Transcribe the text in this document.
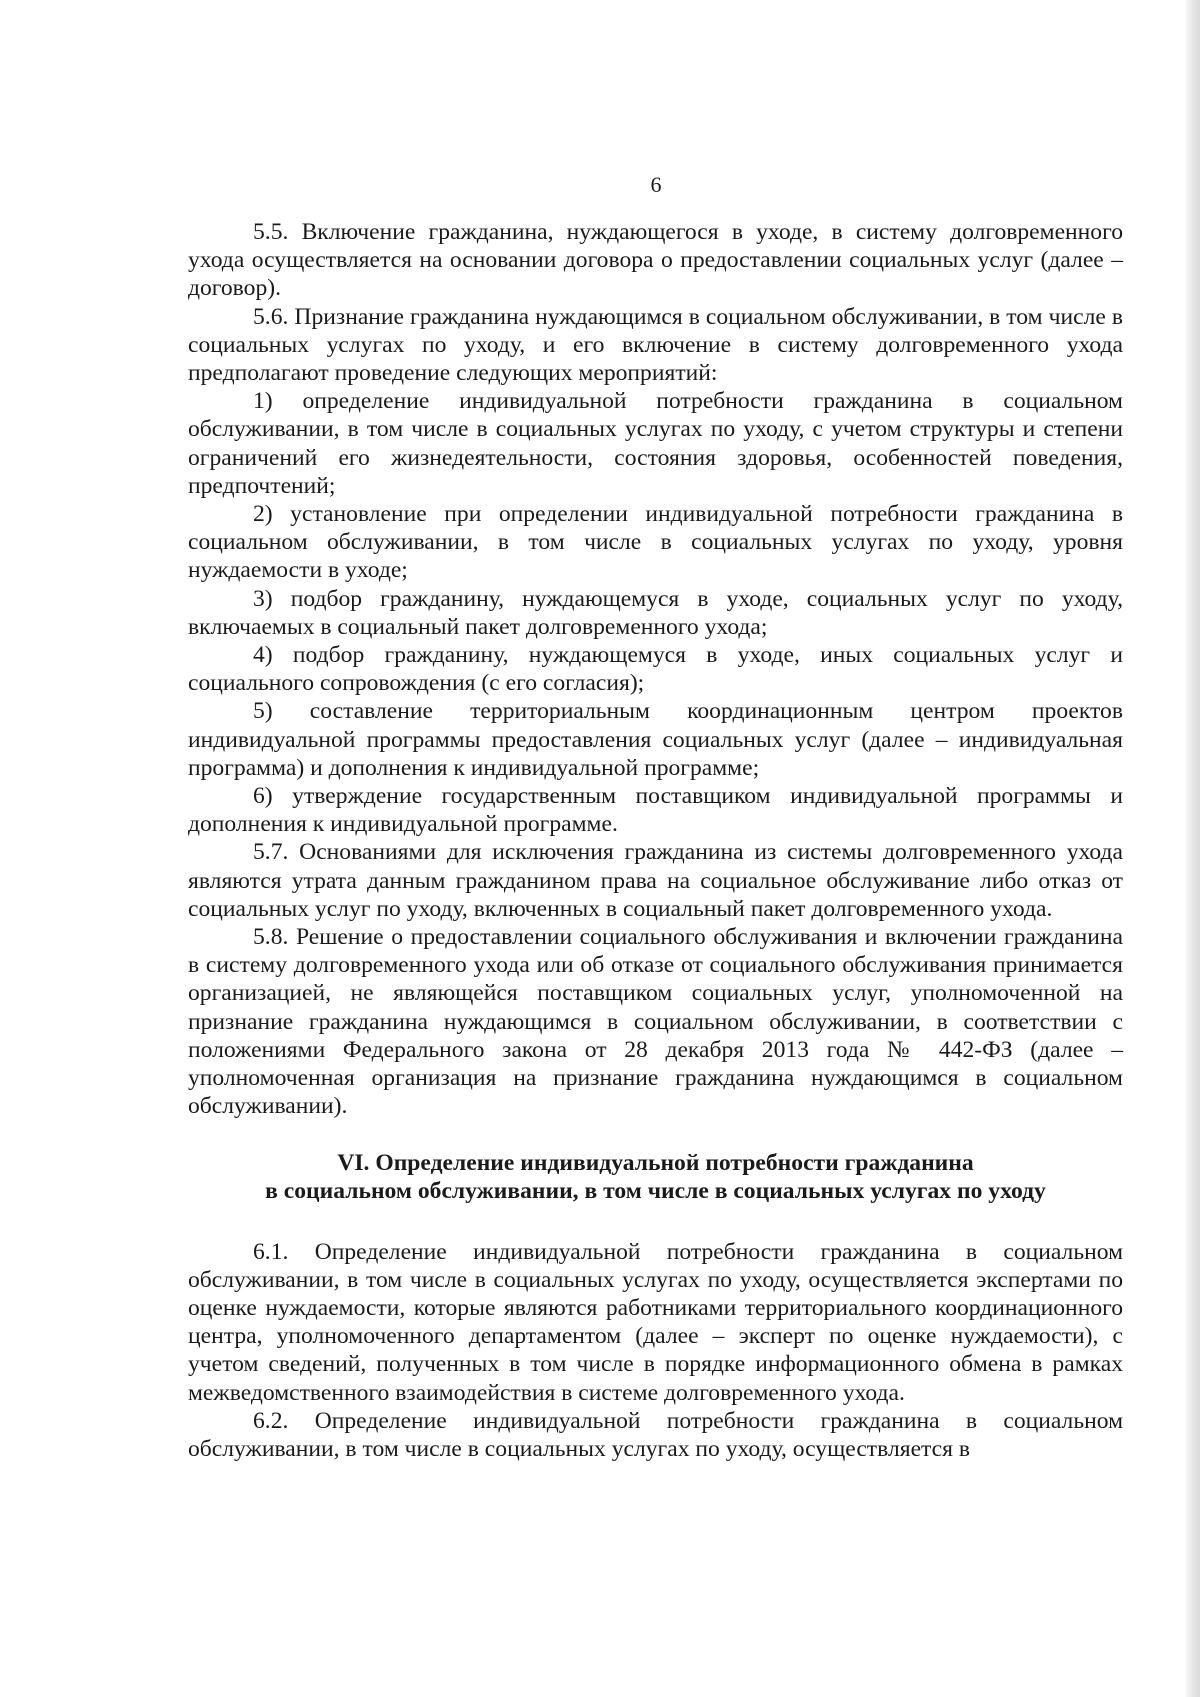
6

5.5. Включение гражданина, нуждающегося в уходе, в систему долговременного ухода осуществляется на основании договора о предоставлении социальных услуг (далее – договор).

5.6. Признание гражданина нуждающимся в социальном обслуживании, в том числе в социальных услугах по уходу, и его включение в систему долговременного ухода предполагают проведение следующих мероприятий:

1) определение индивидуальной потребности гражданина в социальном обслуживании, в том числе в социальных услугах по уходу, с учетом структуры и степени ограничений его жизнедеятельности, состояния здоровья, особенностей поведения, предпочтений;

2) установление при определении индивидуальной потребности гражданина в социальном обслуживании, в том числе в социальных услугах по уходу, уровня нуждаемости в уходе;

3) подбор гражданину, нуждающемуся в уходе, социальных услуг по уходу, включаемых в социальный пакет долговременного ухода;

4) подбор гражданину, нуждающемуся в уходе, иных социальных услуг и социального сопровождения (с его согласия);

5) составление территориальным координационным центром проектов индивидуальной программы предоставления социальных услуг (далее – индивидуальная программа) и дополнения к индивидуальной программе;

6) утверждение государственным поставщиком индивидуальной программы и дополнения к индивидуальной программе.

5.7. Основаниями для исключения гражданина из системы долговременного ухода являются утрата данным гражданином права на социальное обслуживание либо отказ от социальных услуг по уходу, включенных в социальный пакет долговременного ухода.

5.8. Решение о предоставлении социального обслуживания и включении гражданина в систему долговременного ухода или об отказе от социального обслуживания принимается организацией, не являющейся поставщиком социальных услуг, уполномоченной на признание гражданина нуждающимся в социальном обслуживании, в соответствии с положениями Федерального закона от 28 декабря 2013 года № 442-ФЗ (далее – уполномоченная организация на признание гражданина нуждающимся в социальном обслуживании).

VI. Определение индивидуальной потребности гражданина
в социальном обслуживании, в том числе в социальных услугах по уходу

6.1. Определение индивидуальной потребности гражданина в социальном обслуживании, в том числе в социальных услугах по уходу, осуществляется экспертами по оценке нуждаемости, которые являются работниками территориального координационного центра, уполномоченного департаментом (далее – эксперт по оценке нуждаемости), с учетом сведений, полученных в том числе в порядке информационного обмена в рамках межведомственного взаимодействия в системе долговременного ухода.

6.2. Определение индивидуальной потребности гражданина в социальном обслуживании, в том числе в социальных услугах по уходу, осуществляется в
